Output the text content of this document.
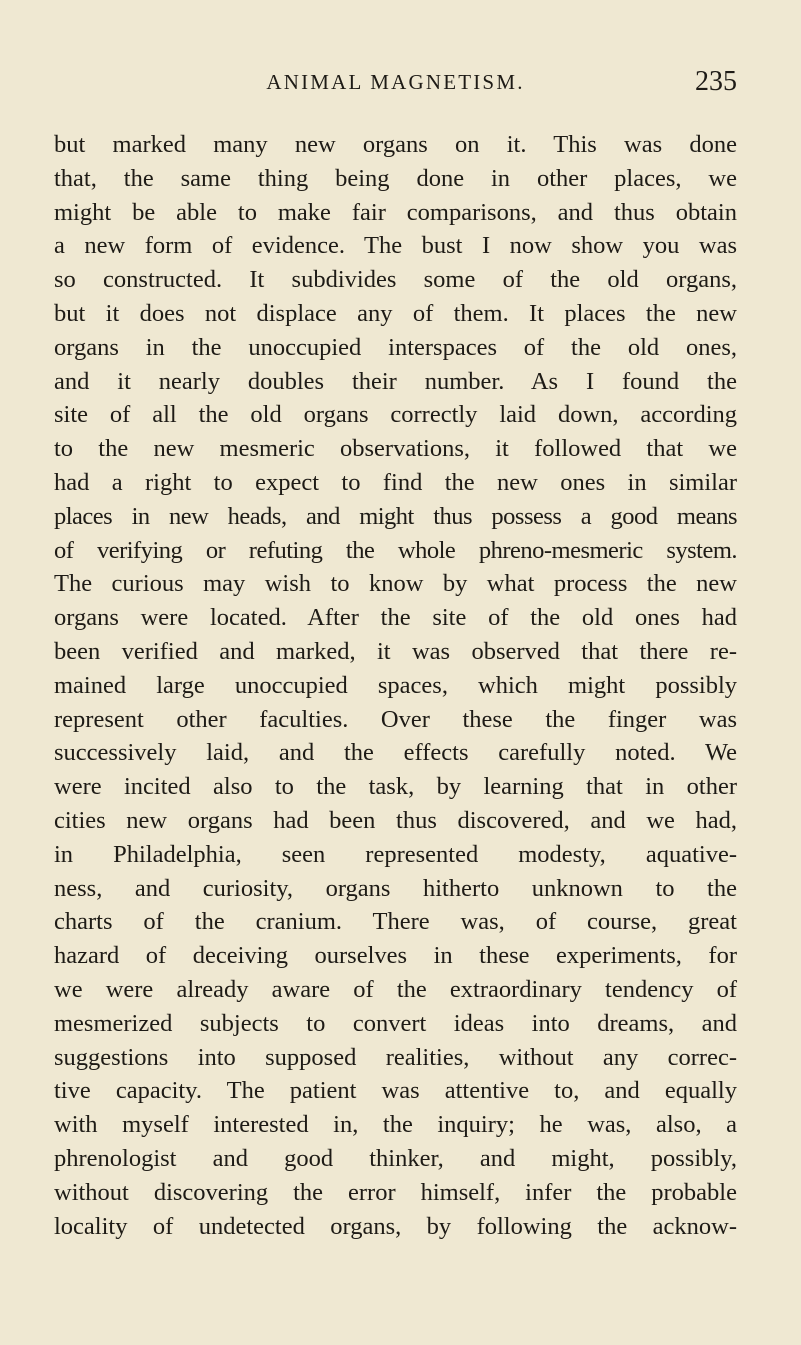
ANIMAL MAGNETISM.	235
but marked many new organs on it. This was done
that, the same thing being done in other places, we
might be able to make fair comparisons, and thus obtain
a new form of evidence. The bust I now show you was
so constructed. It subdivides some of the old organs,
but it does not displace any of them. It places the new
organs in the unoccupied interspaces of the old ones,
and it nearly doubles their number. As I found the
site of all the old organs correctly laid down, according
to the new mesmeric observations, it followed that we
had a right to expect to find the new ones in similar
places in new heads, and might thus possess a good means
of verifying or refuting the whole phreno-mesmeric system.
The curious may wish to know by what process the new
organs were located. After the site of the old ones had
been verified and marked, it was observed that there re-
mained large unoccupied spaces, which might possibly
represent other faculties. Over these the finger was
successively laid, and the effects carefully noted. We
were incited also to the task, by learning that in other
cities new organs had been thus discovered, and we had,
in Philadelphia, seen represented modesty, aquative-
ness, and curiosity, organs hitherto unknown to the
charts of the cranium. There was, of course, great
hazard of deceiving ourselves in these experiments, for
we were already aware of the extraordinary tendency of
mesmerized subjects to convert ideas into dreams, and
suggestions into supposed realities, without any correc-
tive capacity. The patient was attentive to, and equally
with myself interested in, the inquiry; he was, also, a
phrenologist and good thinker, and might, possibly,
without discovering the error himself, infer the probable
locality of undetected organs, by following the acknow-
